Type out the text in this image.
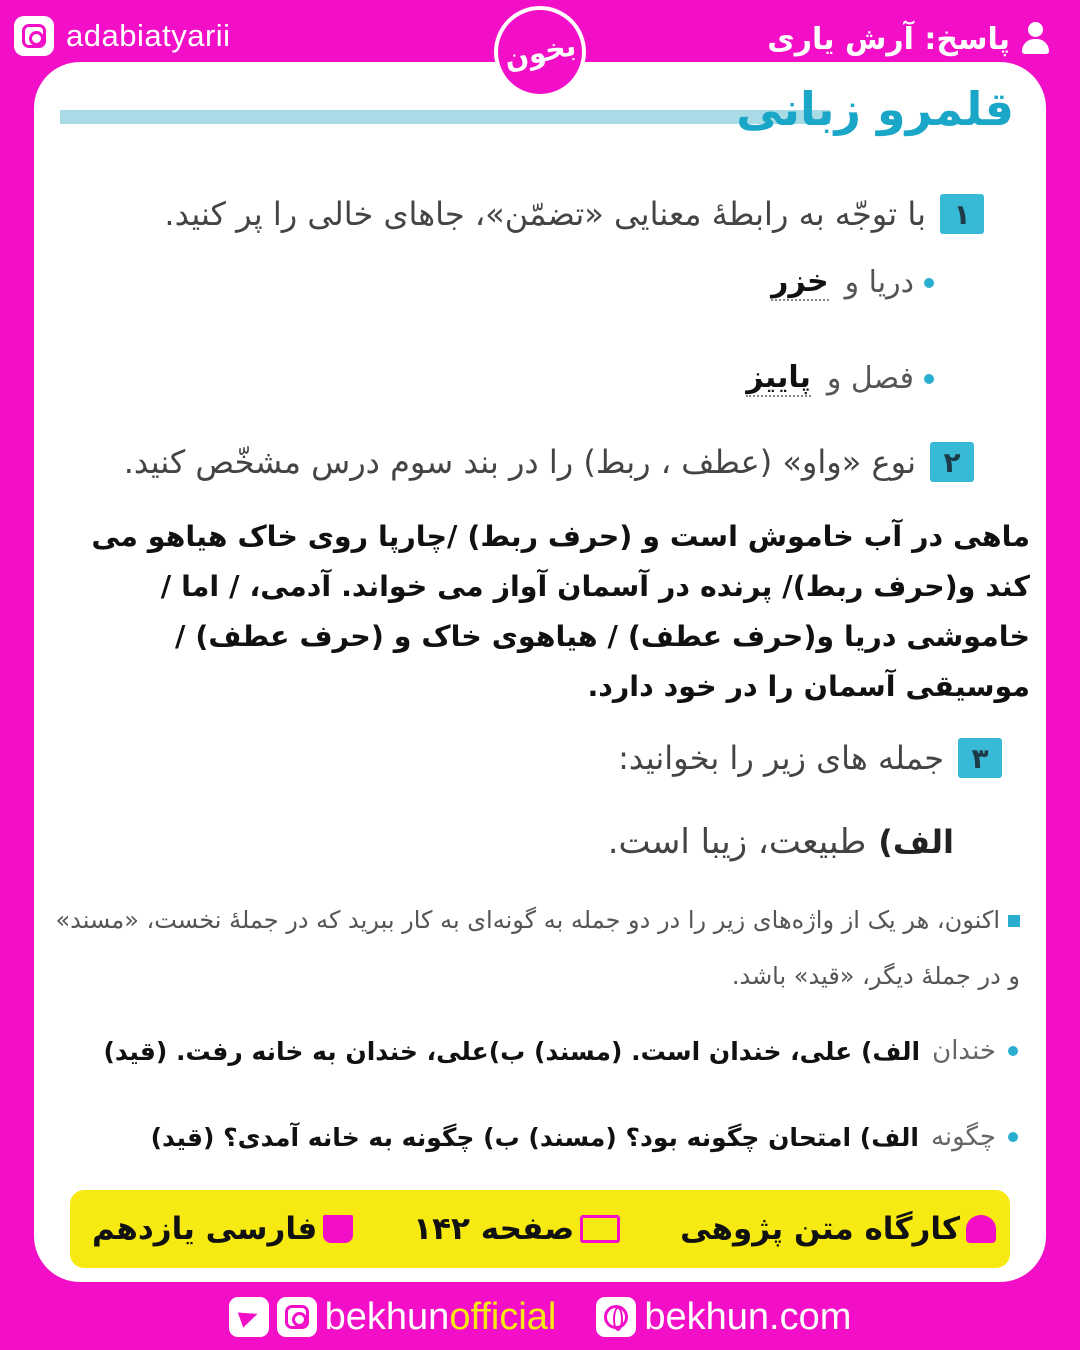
adabiatyarii	پاسخ: آرش یاری
بخون
قلمرو زبانی
۱
با توجّه به رابطهٔ معنایی «تضمّن»، جاهای خالی را پر کنید.
دریا و
خزر
فصل و
پاییز
۲
نوع «واو» (عطف ، ربط) را در بند سوم درس مشخّص کنید.
ماهی در آب خاموش است و (حرف ربط) /چارپا روی خاک هیاهو می کند و(حرف ربط)/ پرنده در آسمان آواز می خواند. آدمی، / اما / خاموشی دریا و(حرف عطف) / هیاهوی خاک و (حرف عطف) / موسیقی آسمان را در خود دارد.
۳
جمله های زیر را بخوانید:
الف)
طبیعت، زیبا است.
اکنون، هر یک از واژه‌های زیر را در دو جمله به گونه‌ای به کار ببرید که در جملهٔ نخست، «مسند» و در جملهٔ دیگر، «قید» باشد.
خندان
الف) علی، خندان است. (مسند) ب)علی، خندان به خانه رفت. (قید)
چگونه
الف) امتحان چگونه بود؟ (مسند) ب) چگونه به خانه آمدی؟ (قید)
کارگاه متن پژوهی
صفحه ۱۴۲
فارسی یازدهم
bekhunofficial bekhun.com
